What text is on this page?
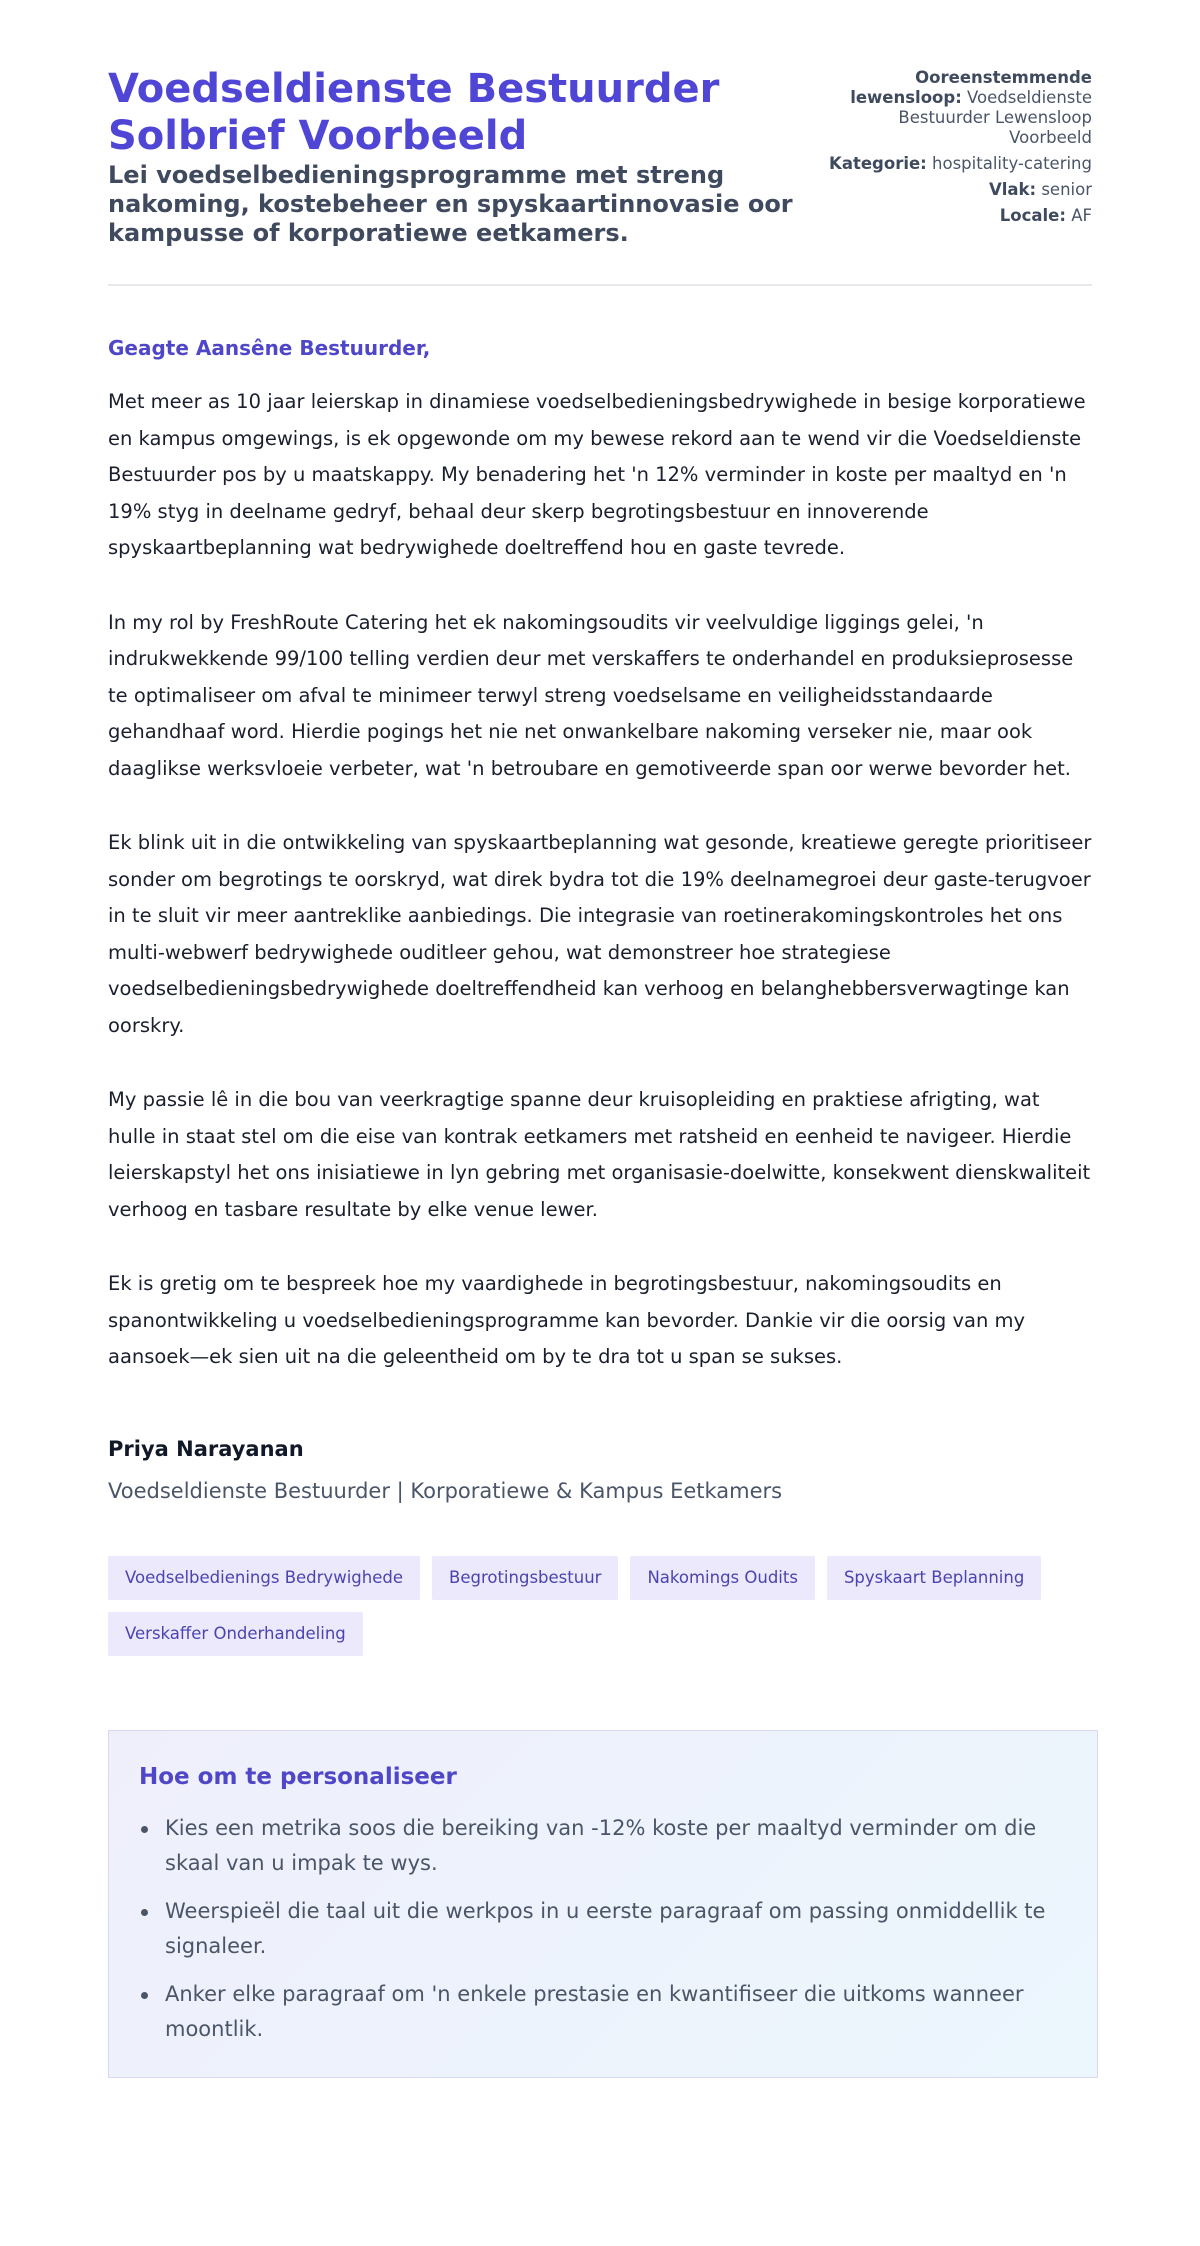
Voedseldienste Bestuurder Solbrief Voorbeeld
Lei voedselbedieningsprogramme met streng nakoming, kostebeheer en spyskaartinnovasie oor kampusse of korporatiewe eetkamers.
Ooreenstemmende lewensloop: Voedseldienste Bestuurder Lewensloop Voorbeeld
Kategorie: hospitality-catering
Vlak: senior
Locale: AF
Geagte Aansêne Bestuurder,

Met meer as 10 jaar leierskap in dinamiese voedselbedieningsbedrywighede in besige korporatiewe en kampus omgewings, is ek opgewonde om my bewese rekord aan te wend vir die Voedseldienste Bestuurder pos by u maatskappy. My benadering het 'n 12% verminder in koste per maaltyd en 'n 19% styg in deelname gedryf, behaal deur skerp begrotingsbestuur en innoverende spyskaartbeplanning wat bedrywighede doeltreffend hou en gaste tevrede.

In my rol by FreshRoute Catering het ek nakomingsoudits vir veelvuldige liggings gelei, 'n indrukwekkende 99/100 telling verdien deur met verskaffers te onderhandel en produksieprosesse te optimaliseer om afval te minimeer terwyl streng voedselsame en veiligheidsstandaarde gehandhaaf word. Hierdie pogings het nie net onwankelbare nakoming verseker nie, maar ook daaglikse werksvloeie verbeter, wat 'n betroubare en gemotiveerde span oor werwe bevorder het.

Ek blink uit in die ontwikkeling van spyskaartbeplanning wat gesonde, kreatiewe geregte prioritiseer sonder om begrotings te oorskryd, wat direk bydra tot die 19% deelnamegroei deur gaste-terugvoer in te sluit vir meer aantreklike aanbiedings. Die integrasie van roetinerakomingskontroles het ons multi-webwerf bedrywighede ouditleer gehou, wat demonstreer hoe strategiese voedselbedieningsbedrywighede doeltreffendheid kan verhoog en belanghebbersverwagtinge kan oorskry.

My passie lê in die bou van veerkragtige spanne deur kruisopleiding en praktiese afrigting, wat hulle in staat stel om die eise van kontrak eetkamers met ratsheid en eenheid te navigeer. Hierdie leierskapstyl het ons inisiatiewe in lyn gebring met organisasie-doelwitte, konsekwent dienskwaliteit verhoog en tasbare resultate by elke venue lewer.

Ek is gretig om te bespreek hoe my vaardighede in begrotingsbestuur, nakomingsoudits en spanontwikkeling u voedselbedieningsprogramme kan bevorder. Dankie vir die oorsig van my aansoek—ek sien uit na die geleentheid om by te dra tot u span se sukses.

Priya Narayanan
Voedseldienste Bestuurder | Korporatiewe & Kampus Eetkamers
Voedselbedienings Bedrywighede	Begrotingsbestuur	Nakomings Oudits	Spyskaart Beplanning
Verskaffer Onderhandeling
Hoe om te personaliseer
Kies een metrika soos die bereiking van -12% koste per maaltyd verminder om die skaal van u impak te wys.
Weerspieël die taal uit die werkpos in u eerste paragraaf om passing onmiddellik te signaleer.
Anker elke paragraaf om 'n enkele prestasie en kwantifiseer die uitkoms wanneer moontlik.
